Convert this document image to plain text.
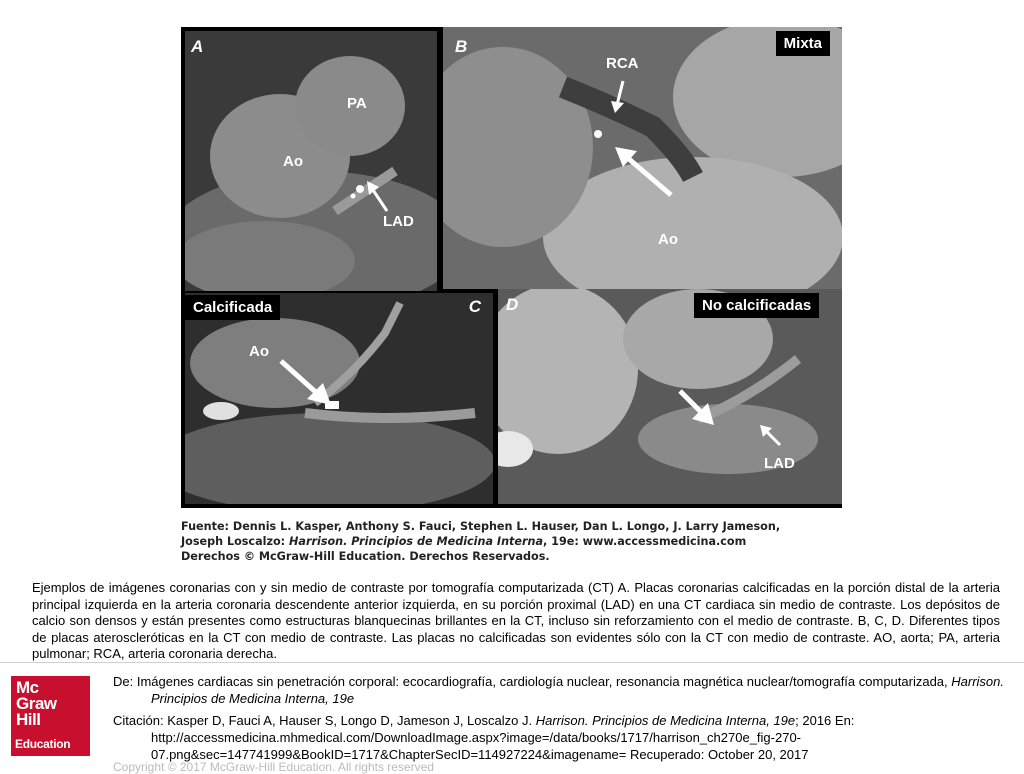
A
PA
Ao
LAD
B	Mixta
RCA
Ao
Calcificada	C
Ao
D	No calcificadas
LAD
Fuente: Dennis L. Kasper, Anthony S. Fauci, Stephen L. Hauser, Dan L. Longo, J. Larry Jameson,
Joseph Loscalzo: Harrison. Principios de Medicina Interna, 19e: www.accessmedicina.com
Derechos © McGraw-Hill Education. Derechos Reservados.
Ejemplos de imágenes coronarias con y sin medio de contraste por tomografía computarizada (CT) A. Placas coronarias calcificadas en la porción distal de la arteria principal izquierda en la arteria coronaria descendente anterior izquierda, en su porción proximal (LAD) en una CT cardiaca sin medio de contraste. Los depósitos de calcio son densos y están presentes como estructuras blanquecinas brillantes en la CT, incluso sin reforzamiento con el medio de contraste. B, C, D. Diferentes tipos de placas ateroscleróticas en la CT con medio de contraste. Las placas no calcificadas son evidentes sólo con la CT con medio de contraste. AO, aorta; PA, arteria pulmonar; RCA, arteria coronaria derecha.
Mc
Graw
Hill
Education
De: Imágenes cardiacas sin penetración corporal: ecocardiografía, cardiología nuclear, resonancia magnética nuclear/tomografía computarizada, Harrison. Principios de Medicina Interna, 19e
Citación: Kasper D, Fauci A, Hauser S, Longo D, Jameson J, Loscalzo J. Harrison. Principios de Medicina Interna, 19e; 2016 En: http://accessmedicina.mhmedical.com/DownloadImage.aspx?image=/data/books/1717/harrison_ch270e_fig-270-07.png&sec=147741999&BookID=1717&ChapterSecID=114927224&imagename= Recuperado: October 20, 2017
Copyright © 2017 McGraw-Hill Education. All rights reserved
